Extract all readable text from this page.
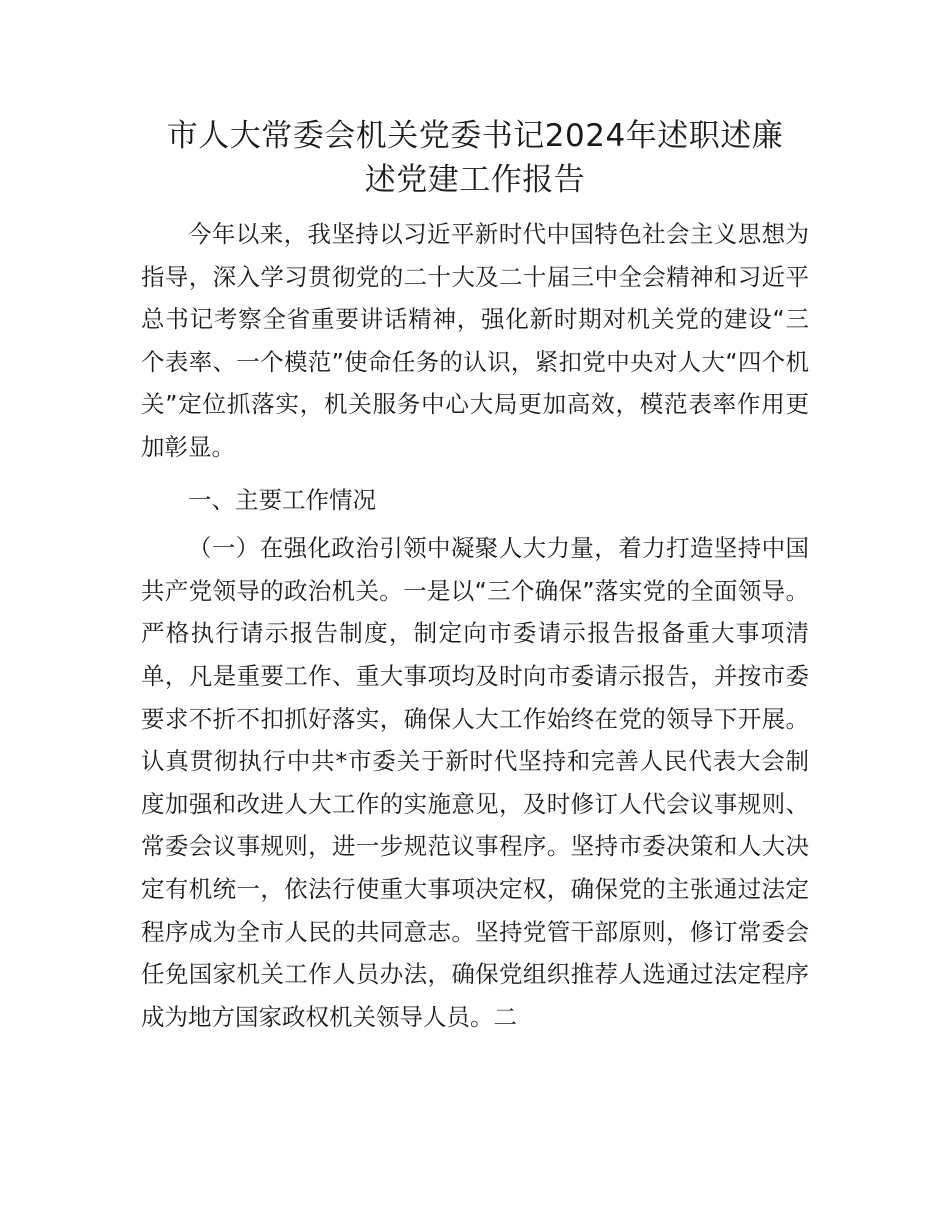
市人大常委会机关党委书记2024年述职述廉
述党建工作报告

今年以来，我坚持以习近平新时代中国特色社会主义思想为指导，深入学习贯彻党的二十大及二十届三中全会精神和习近平总书记考察全省重要讲话精神，强化新时期对机关党的建设“三个表率、一个模范”使命任务的认识，紧扣党中央对人大“四个机关”定位抓落实，机关服务中心大局更加高效，模范表率作用更加彰显。

一、主要工作情况

（一）在强化政治引领中凝聚人大力量，着力打造坚持中国共产党领导的政治机关。一是以“三个确保”落实党的全面领导。严格执行请示报告制度，制定向市委请示报告报备重大事项清单，凡是重要工作、重大事项均及时向市委请示报告，并按市委要求不折不扣抓好落实，确保人大工作始终在党的领导下开展。认真贯彻执行中共*市委关于新时代坚持和完善人民代表大会制度加强和改进人大工作的实施意见，及时修订人代会议事规则、常委会议事规则，进一步规范议事程序。坚持市委决策和人大决定有机统一，依法行使重大事项决定权，确保党的主张通过法定程序成为全市人民的共同意志。坚持党管干部原则，修订常委会任免国家机关工作人员办法，确保党组织推荐人选通过法定程序成为地方国家政权机关领导人员。二
